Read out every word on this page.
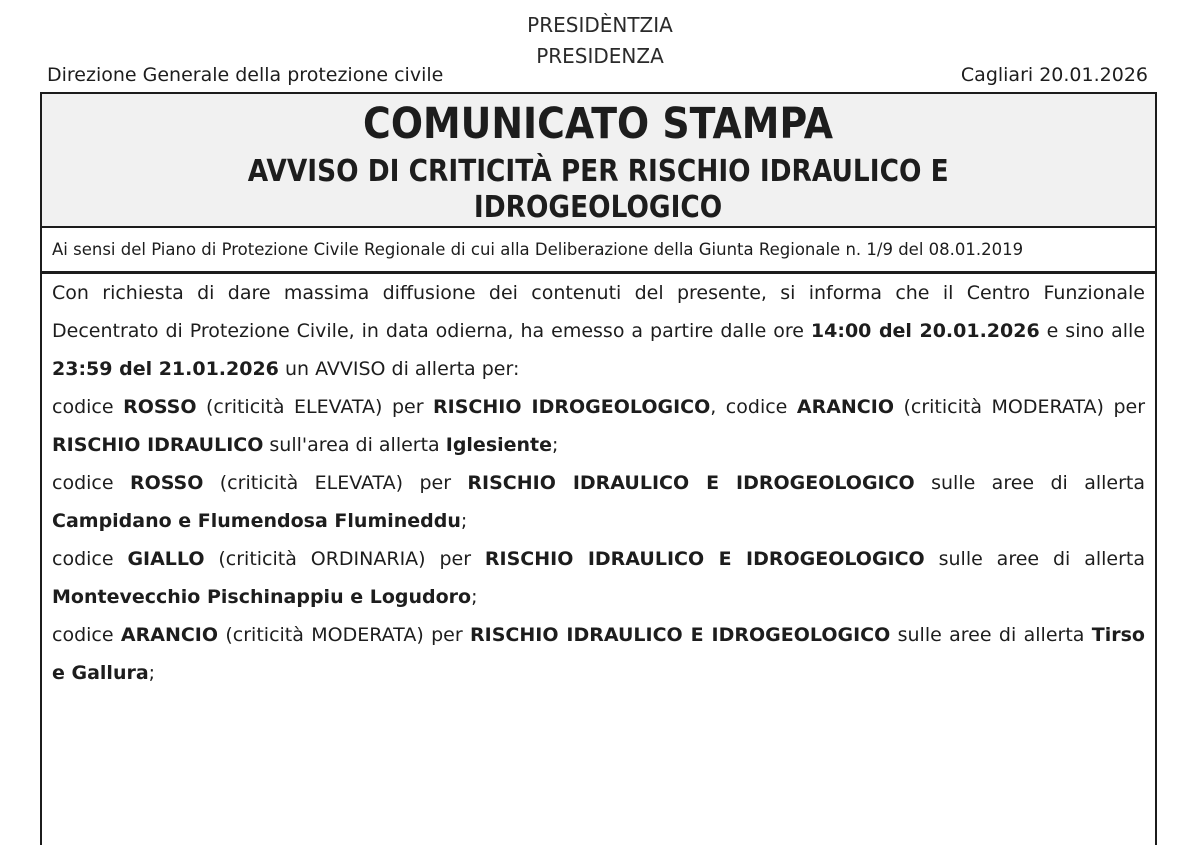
PRESIDÈNTZIA
PRESIDENZA
Direzione Generale della protezione civile	Cagliari 20.01.2026
COMUNICATO STAMPA
AVVISO DI CRITICITÀ PER RISCHIO IDRAULICO E
IDROGEOLOGICO
Ai sensi del Piano di Protezione Civile Regionale di cui alla Deliberazione della Giunta Regionale n. 1/9 del 08.01.2019

Con richiesta di dare massima diffusione dei contenuti del presente, si informa che il Centro Funzionale Decentrato di Protezione Civile, in data odierna, ha emesso a partire dalle ore 14:00 del 20.01.2026 e sino alle 23:59 del 21.01.2026 un AVVISO di allerta per:

codice ROSSO (criticità ELEVATA) per RISCHIO IDROGEOLOGICO, codice ARANCIO (criticità MODERATA) per RISCHIO IDRAULICO sull'area di allerta Iglesiente;

codice ROSSO (criticità ELEVATA) per RISCHIO IDRAULICO E IDROGEOLOGICO sulle aree di allerta Campidano e Flumendosa Flumineddu;

codice GIALLO (criticità ORDINARIA) per RISCHIO IDRAULICO E IDROGEOLOGICO sulle aree di allerta Montevecchio Pischinappiu e Logudoro;

codice ARANCIO (criticità MODERATA) per RISCHIO IDRAULICO E IDROGEOLOGICO sulle aree di allerta Tirso e Gallura;
